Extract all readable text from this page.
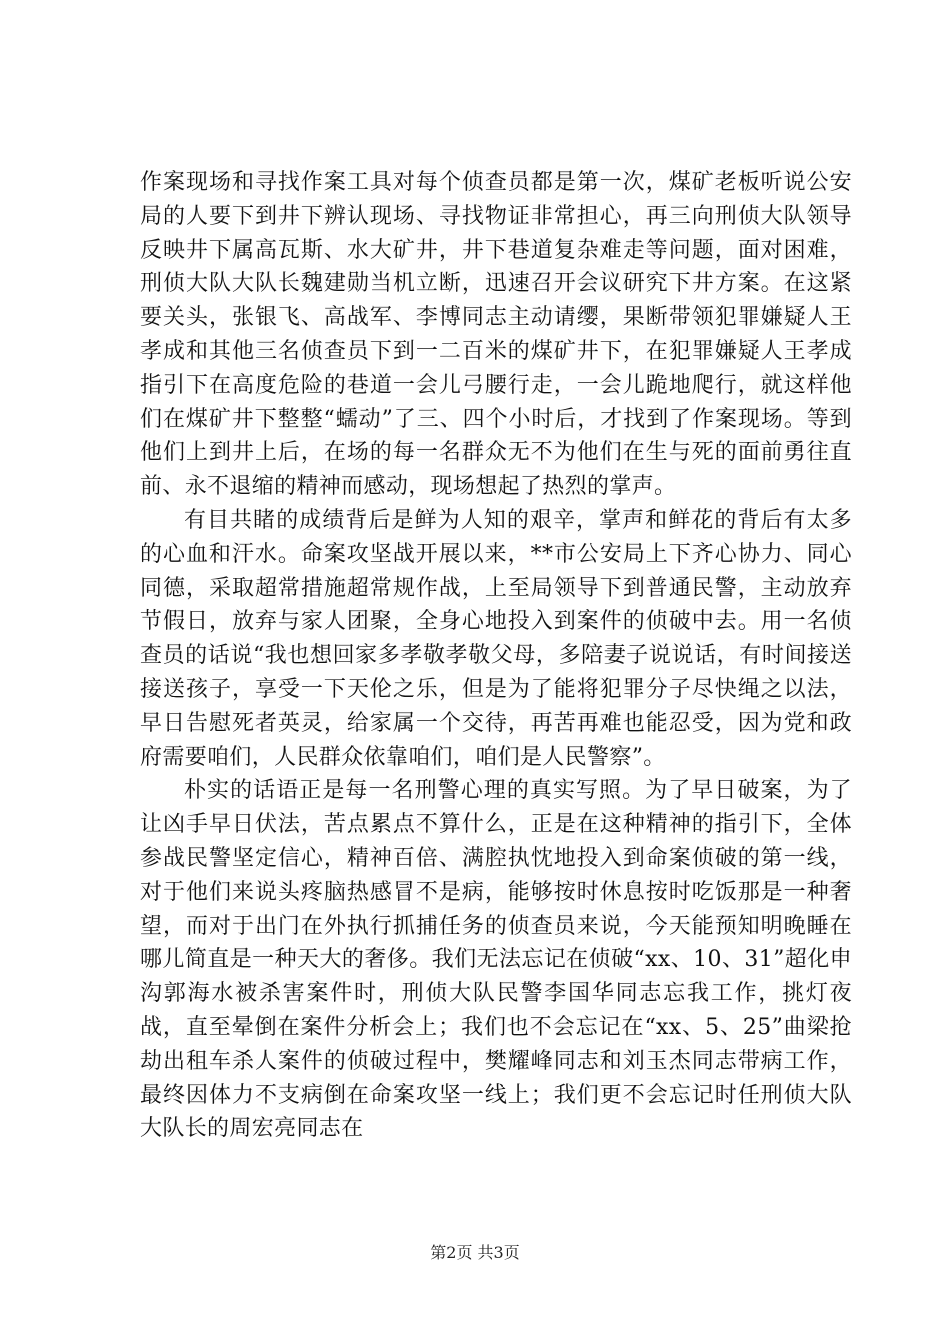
作案现场和寻找作案工具对每个侦查员都是第一次，煤矿老板听说公安局的人要下到井下辨认现场、寻找物证非常担心，再三向刑侦大队领导反映井下属高瓦斯、水大矿井，井下巷道复杂难走等问题，面对困难，刑侦大队大队长魏建勋当机立断，迅速召开会议研究下井方案。在这紧要关头，张银飞、高战军、李博同志主动请缨，果断带领犯罪嫌疑人王孝成和其他三名侦查员下到一二百米的煤矿井下，在犯罪嫌疑人王孝成指引下在高度危险的巷道一会儿弓腰行走，一会儿跪地爬行，就这样他们在煤矿井下整整“蠕动”了三、四个小时后，才找到了作案现场。等到他们上到井上后，在场的每一名群众无不为他们在生与死的面前勇往直前、永不退缩的精神而感动，现场想起了热烈的掌声。

有目共睹的成绩背后是鲜为人知的艰辛，掌声和鲜花的背后有太多的心血和汗水。命案攻坚战开展以来，**市公安局上下齐心协力、同心同德，采取超常措施超常规作战，上至局领导下到普通民警，主动放弃节假日，放弃与家人团聚，全身心地投入到案件的侦破中去。用一名侦查员的话说“我也想回家多孝敬孝敬父母，多陪妻子说说话，有时间接送接送孩子，享受一下天伦之乐，但是为了能将犯罪分子尽快绳之以法，早日告慰死者英灵，给家属一个交待，再苦再难也能忍受，因为党和政府需要咱们，人民群众依靠咱们，咱们是人民警察”。

朴实的话语正是每一名刑警心理的真实写照。为了早日破案，为了让凶手早日伏法，苦点累点不算什么，正是在这种精神的指引下，全体参战民警坚定信心，精神百倍、满腔执忱地投入到命案侦破的第一线，对于他们来说头疼脑热感冒不是病，能够按时休息按时吃饭那是一种奢望，而对于出门在外执行抓捕任务的侦查员来说，今天能预知明晚睡在哪儿简直是一种天大的奢侈。我们无法忘记在侦破“xx、10、31”超化申沟郭海水被杀害案件时，刑侦大队民警李国华同志忘我工作，挑灯夜战，直至晕倒在案件分析会上；我们也不会忘记在“xx、5、25”曲梁抢劫出租车杀人案件的侦破过程中，樊耀峰同志和刘玉杰同志带病工作，最终因体力不支病倒在命案攻坚一线上；我们更不会忘记时任刑侦大队大队长的周宏亮同志在

第2页 共3页
